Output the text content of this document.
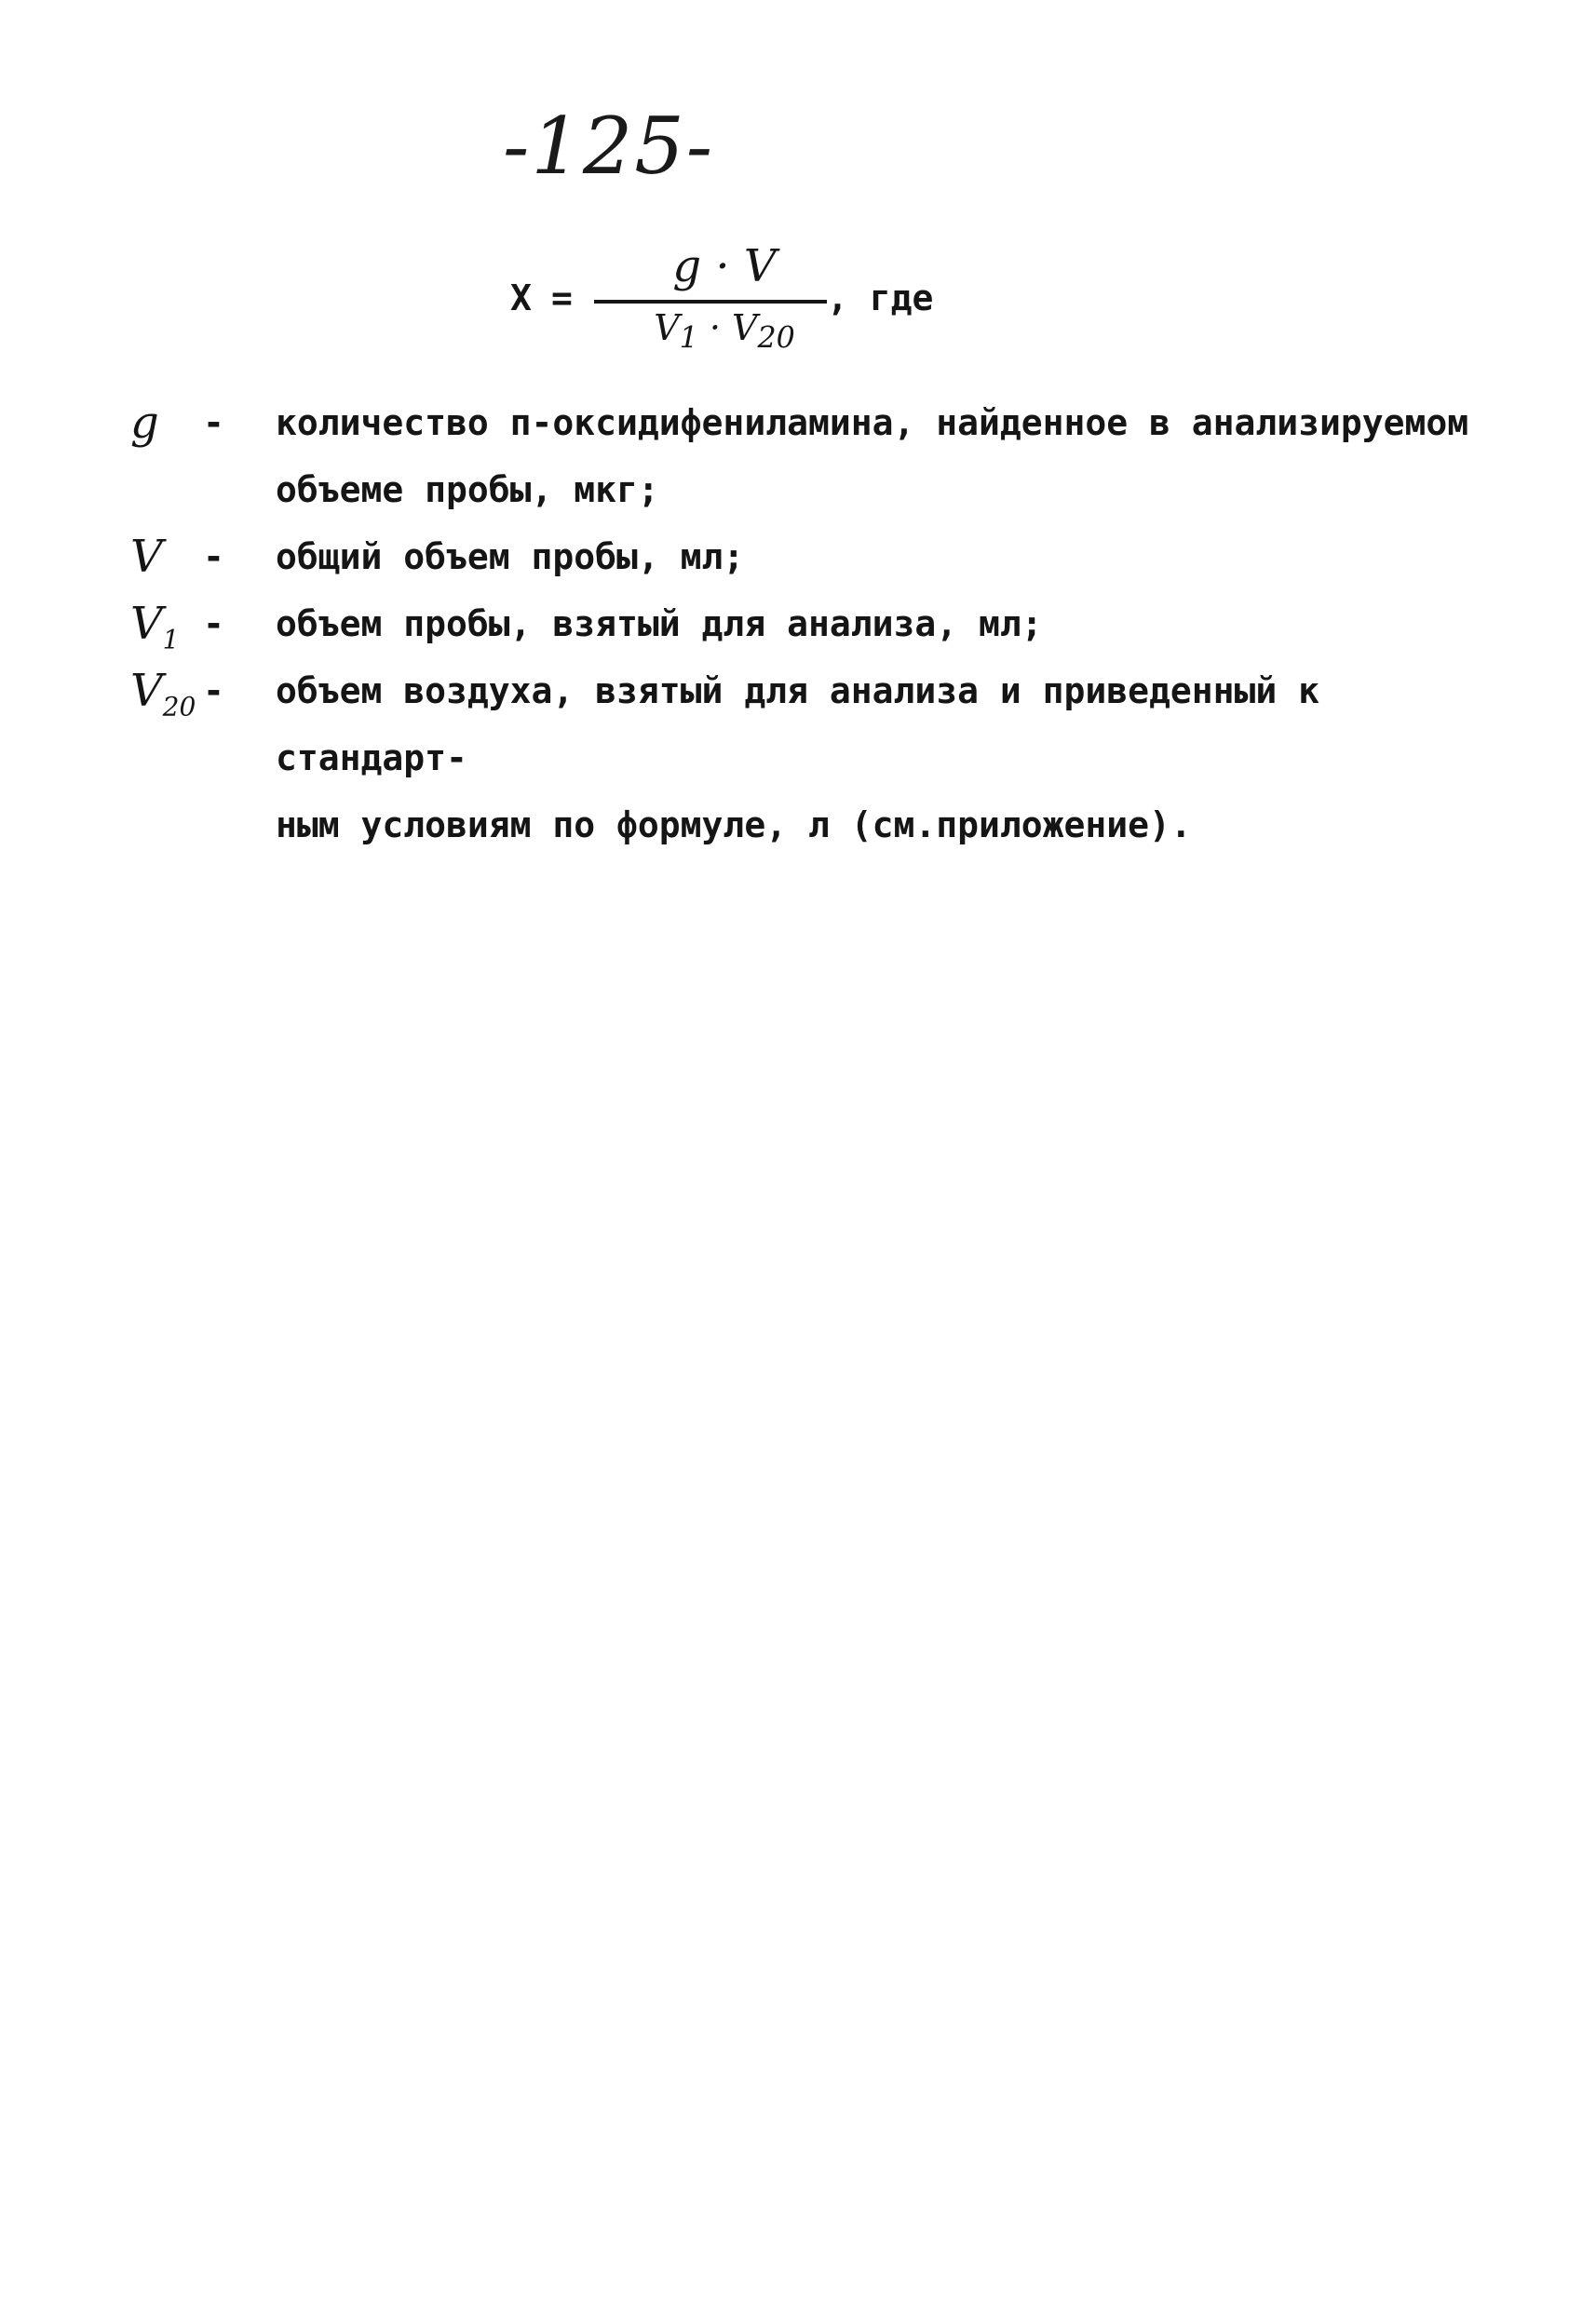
-125-
X =
g · V
$V_1 \cdot V_{20}$
, где
g	- количество п-оксидифениламина, найденное в анализируемом
объеме пробы, мкг;
V	- общий объем пробы, мл;
$V_1$ - объем пробы, взятый для анализа, мл;
$V_{20}$ - объем воздуха, взятый для анализа и приведенный к стандарт-
ным условиям по формуле, л (см.приложение).
